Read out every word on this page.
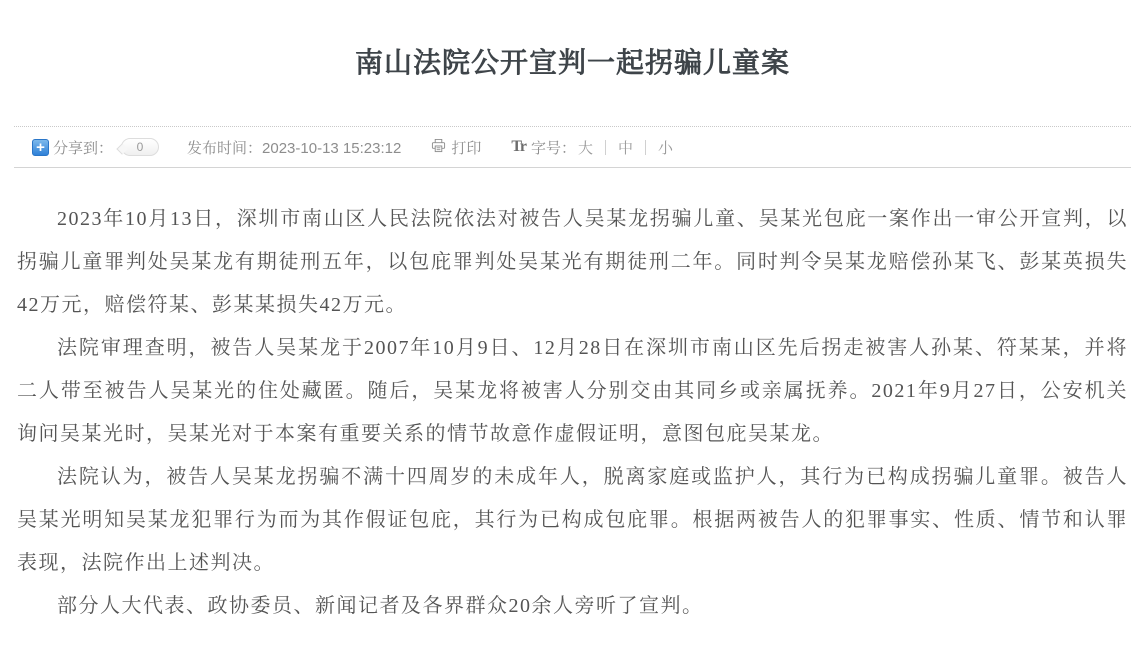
南山法院公开宣判一起拐骗儿童案
+ 分享到：	0	发布时间：2023-10-13 15:23:12	打印 Tr 字号： 大 ｜ 中 ｜ 小

2023年10月13日，深圳市南山区人民法院依法对被告人吴某龙拐骗儿童、吴某光包庇一案作出一审公开宣判，以拐骗儿童罪判处吴某龙有期徒刑五年，以包庇罪判处吴某光有期徒刑二年。同时判令吴某龙赔偿孙某飞、彭某英损失42万元，赔偿符某、彭某某损失42万元。

法院审理查明，被告人吴某龙于2007年10月9日、12月28日在深圳市南山区先后拐走被害人孙某、符某某，并将二人带至被告人吴某光的住处藏匿。随后，吴某龙将被害人分别交由其同乡或亲属抚养。2021年9月27日，公安机关询问吴某光时，吴某光对于本案有重要关系的情节故意作虚假证明，意图包庇吴某龙。

法院认为，被告人吴某龙拐骗不满十四周岁的未成年人，脱离家庭或监护人，其行为已构成拐骗儿童罪。被告人吴某光明知吴某龙犯罪行为而为其作假证包庇，其行为已构成包庇罪。根据两被告人的犯罪事实、性质、情节和认罪表现，法院作出上述判决。

部分人大代表、政协委员、新闻记者及各界群众20余人旁听了宣判。
